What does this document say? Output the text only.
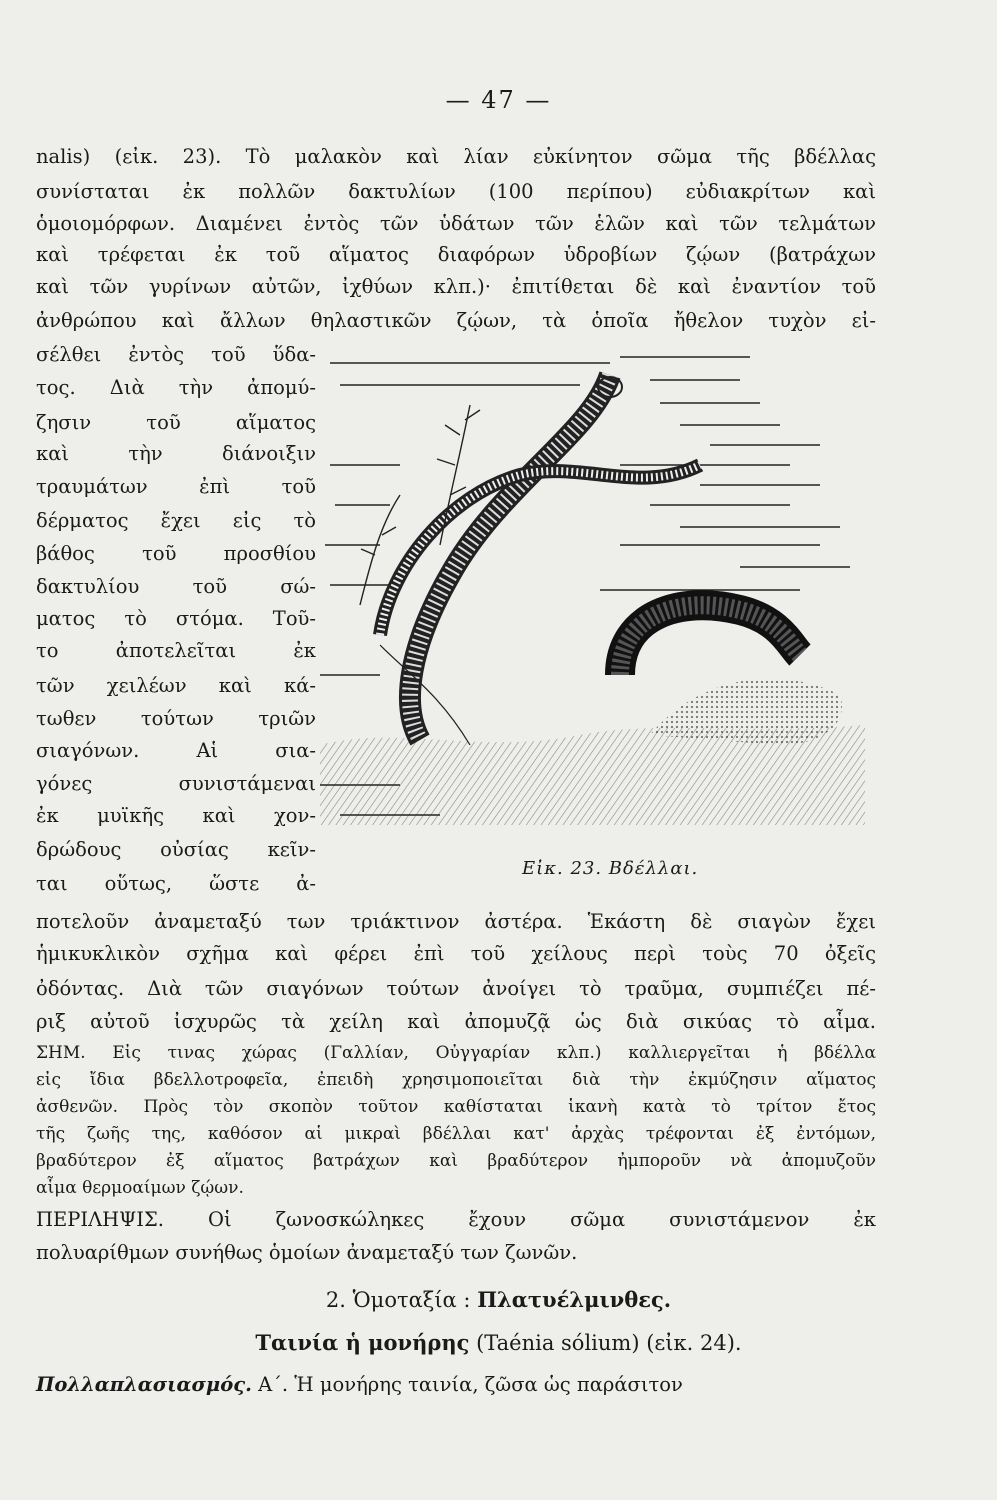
— 47 —
nalis) (εἰκ. 23). Τὸ μαλακὸν καὶ λίαν εὐκίνητον σῶμα τῆς βδέλλας
συνίσταται ἐκ πολλῶν δακτυλίων (100 περίπου) εὐδιακρίτων καὶ
ὁμοιομόρφων. Διαμένει ἐντὸς τῶν ὑδάτων τῶν ἑλῶν καὶ τῶν τελμάτων
καὶ τρέφεται ἐκ τοῦ αἵματος διαφόρων ὑδροβίων ζῴων (βατράχων
καὶ τῶν γυρίνων αὐτῶν, ἰχθύων κλπ.)· ἐπιτίθεται δὲ καὶ ἐναντίον τοῦ
ἀνθρώπου καὶ ἄλλων θηλαστικῶν ζῴων, τὰ ὁποῖα ἤθελον τυχὸν εἰ-
σέλθει ἐντὸς τοῦ ὕδα-
τος. Διὰ τὴν ἀπομύ-
ζησιν τοῦ αἵματος
καὶ τὴν διάνοιξιν
τραυμάτων ἐπὶ τοῦ
δέρματος ἔχει εἰς τὸ
βάθος τοῦ προσθίου
δακτυλίου τοῦ σώ-
ματος τὸ στόμα. Τοῦ-
το ἀποτελεῖται ἐκ
τῶν χειλέων καὶ κά-
τωθεν τούτων τριῶν
σιαγόνων. Αἱ σια-
γόνες συνιστάμεναι
ἐκ μυϊκῆς καὶ χον-
δρώδους οὐσίας κεῖν-
ται οὕτως, ὥστε ἀ-
Εἰκ. 23. Βδέλλαι.
ποτελοῦν ἀναμεταξύ των τριάκτινον ἀστέρα. Ἑκάστη δὲ σιαγὼν ἔχει
ἡμικυκλικὸν σχῆμα καὶ φέρει ἐπὶ τοῦ χείλους περὶ τοὺς 70 ὀξεῖς
ὀδόντας. Διὰ τῶν σιαγόνων τούτων ἀνοίγει τὸ τραῦμα, συμπιέζει πέ-
ριξ αὐτοῦ ἰσχυρῶς τὰ χείλη καὶ ἀπομυζᾷ ὡς διὰ σικύας τὸ αἷμα.
ΣΗΜ. Εἰς τινας χώρας (Γαλλίαν, Οὐγγαρίαν κλπ.) καλλιεργεῖται ἡ βδέλλα
εἰς ἴδια βδελλοτροφεῖα, ἐπειδὴ χρησιμοποιεῖται διὰ τὴν ἐκμύζησιν αἵματος
ἀσθενῶν. Πρὸς τὸν σκοπὸν τοῦτον καθίσταται ἱκανὴ κατὰ τὸ τρίτον ἔτος
τῆς ζωῆς της, καθόσον αἱ μικραὶ βδέλλαι κατ' ἀρχὰς τρέφονται ἐξ ἐντόμων,
βραδύτερον ἐξ αἵματος βατράχων καὶ βραδύτερον ἠμποροῦν νὰ ἀπομυζοῦν
αἷμα θερμοαίμων ζῴων.
ΠΕΡΙΛΗΨΙΣ. Οἱ ζωνοσκώληκες ἔχουν σῶμα συνιστάμενον ἐκ
πολυαρίθμων συνήθως ὁμοίων ἀναμεταξύ των ζωνῶν.
2. Ὁμοταξία : Πλατυέλμινθες.
Ταινία ἡ μονήρης (Taénia sólium) (εἰκ. 24).
Πολλαπλασιασμός. Α΄. Ἡ μονήρης ταινία, ζῶσα ὡς παράσιτον
